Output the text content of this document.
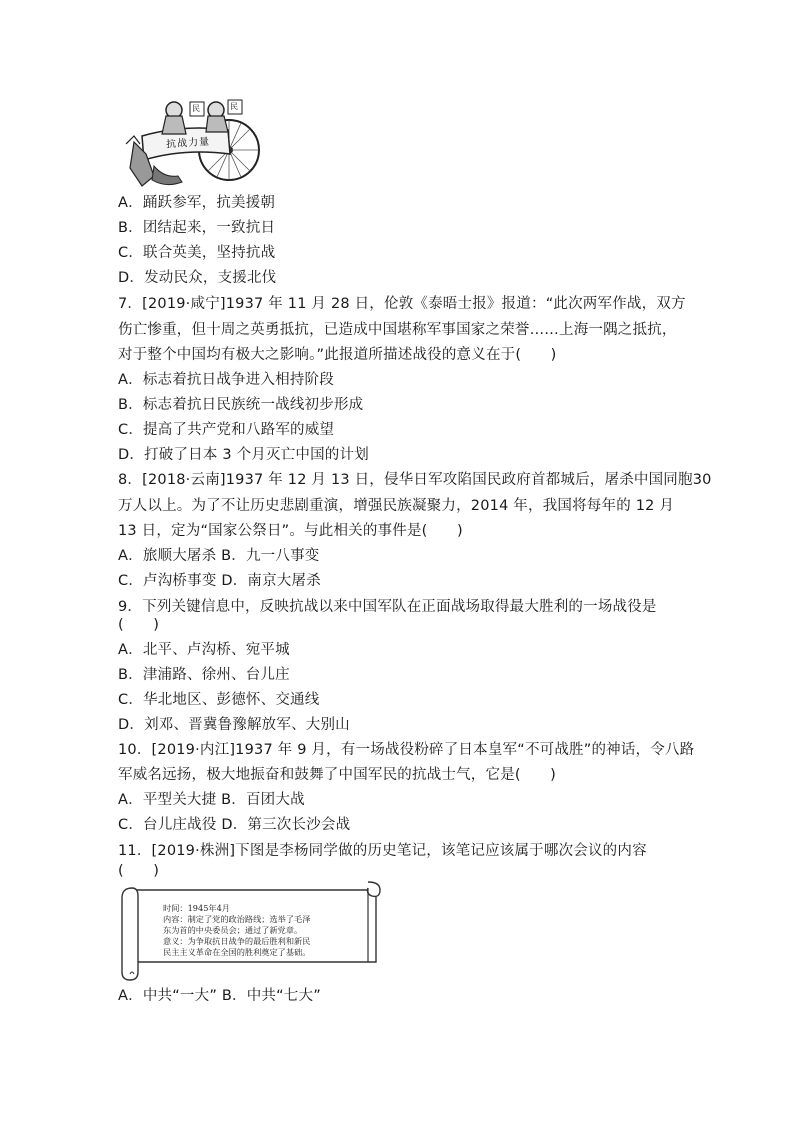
抗战力量
民	民
A．踊跃参军，抗美援朝
B．团结起来，一致抗日
C．联合英美，坚持抗战
D．发动民众，支援北伐
7．[2019·咸宁]1937 年 11 月 28 日，伦敦《泰晤士报》报道：“此次两军作战，双方
伤亡惨重，但十周之英勇抵抗，已造成中国堪称军事国家之荣誉……上海一隅之抵抗，
对于整个中国均有极大之影响。”此报道所描述战役的意义在于(　　)
A．标志着抗日战争进入相持阶段
B．标志着抗日民族统一战线初步形成
C．提高了共产党和八路军的威望
D．打破了日本 3 个月灭亡中国的计划
8．[2018·云南]1937 年 12 月 13 日，侵华日军攻陷国民政府首都城后，屠杀中国同胞30
万人以上。为了不让历史悲剧重演，增强民族凝聚力，2014 年，我国将每年的 12 月
13 日，定为“国家公祭日”。与此相关的事件是(　　)
A．旅顺大屠杀 B．九一八事变
C．卢沟桥事变 D．南京大屠杀
9．下列关键信息中，反映抗战以来中国军队在正面战场取得最大胜利的一场战役是
(　　)
A．北平、卢沟桥、宛平城
B．津浦路、徐州、台儿庄
C．华北地区、彭德怀、交通线
D．刘邓、晋冀鲁豫解放军、大别山
10．[2019·内江]1937 年 9 月，有一场战役粉碎了日本皇军“不可战胜”的神话，令八路
军威名远扬，极大地振奋和鼓舞了中国军民的抗战士气，它是(　　)
A．平型关大捷 B．百团大战
C．台儿庄战役 D．第三次长沙会战
11．[2019·株洲]下图是李杨同学做的历史笔记，该笔记应该属于哪次会议的内容
(　　)
时间：1945年4月
内容：制定了党的政治路线；选举了毛泽
东为首的中央委员会；通过了新党章。
意义：为争取抗日战争的最后胜利和新民
民主主义革命在全国的胜利奠定了基础。
A．中共“一大” B．中共“七大”
